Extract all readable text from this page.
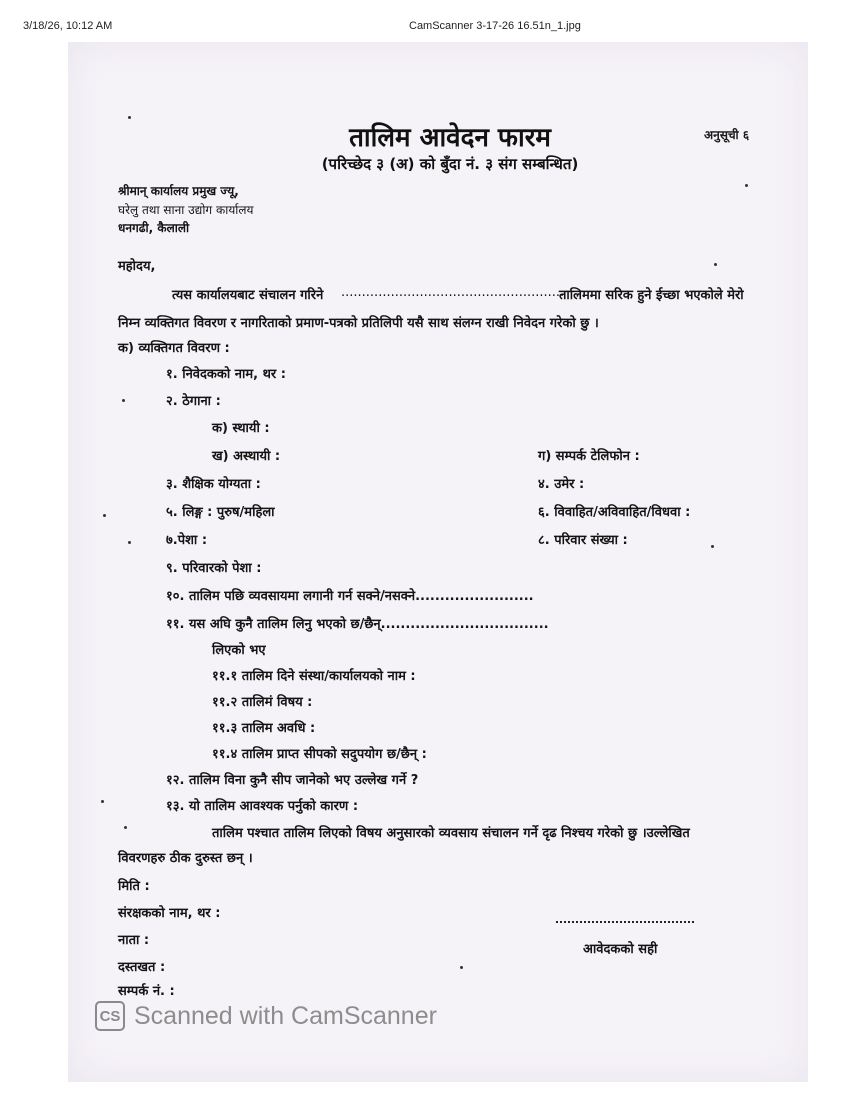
3/18/26, 10:12 AM	CamScanner 3-17-26 16.51n_1.jpg
तालिम आवेदन फारम
(परिच्छेद ३ (अ) को बुँदा नं. ३ संग सम्बन्धित)
अनुसूची ६
श्रीमान् कार्यालय प्रमुख ज्यू,
घरेलु तथा साना उद्योग कार्यालय
धनगढी, कैलाली
महोदय,
त्यस कार्यालयबाट संचालन गरिने ......................................................
तालिममा सरिक हुने ईच्छा भएकोले मेरो
निम्न व्यक्तिगत विवरण र नागरिताको प्रमाण-पत्रको प्रतिलिपी यसै साथ संलग्न राखी निवेदन गरेको छु ।
क) व्यक्तिगत विवरण :
१. निवेदकको नाम, थर :
२. ठेगाना :
क) स्थायी :
ख) अस्थायी :	ग) सम्पर्क टेलिफोन :
३. शैक्षिक योग्यता :	४. उमेर :
५. लिङ्ग : पुरुष/महिला	६. विवाहित/अविवाहित/विधवा :
७.पेशा :	८. परिवार संख्या :
९. परिवारको पेशा :
१०. तालिम पछि व्यवसायमा लगानी गर्न सक्ने/नसक्ने........................
११. यस अघि कुनै तालिम लिनु भएको छ/छैन्..................................
लिएको भए
११.१ तालिम दिने संस्था/कार्यालयको नाम :
११.२ तालिमं विषय :
११.३ तालिम अवधि :
११.४ तालिम प्राप्त सीपको सदुपयोग छ/छैन् :
१२. तालिम विना कुनै सीप जानेको भए उल्लेख गर्ने ?
१३. यो तालिम आवश्यक पर्नुको कारण :
तालिम पश्चात तालिम लिएको विषय अनुसारको व्यवसाय संचालन गर्ने दृढ निश्चय गरेको छु ।उल्लेखित
विवरणहरु ठीक दुरुस्त छन् ।
मिति :
संरक्षकको नाम, थर :
नाता :
दस्तखत :
सम्पर्क नं. :
आवेदकको सही
CS Scanned with CamScanner
